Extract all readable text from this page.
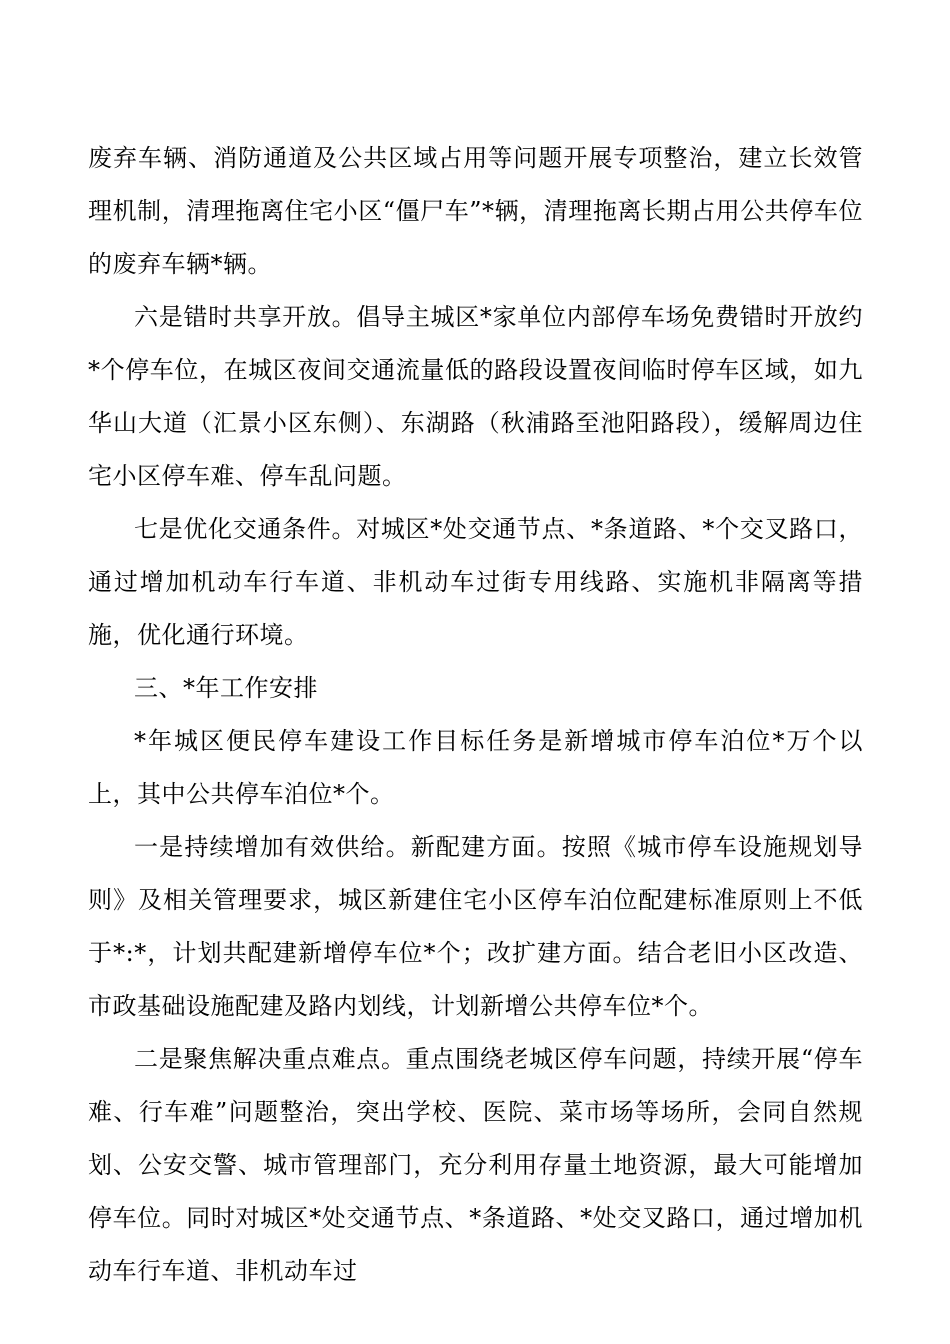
废弃车辆、消防通道及公共区域占用等问题开展专项整治，建立长效管理机制，清理拖离住宅小区“僵尸车”*辆，清理拖离长期占用公共停车位的废弃车辆*辆。

六是错时共享开放。倡导主城区*家单位内部停车场免费错时开放约*个停车位，在城区夜间交通流量低的路段设置夜间临时停车区域，如九华山大道（汇景小区东侧）、东湖路（秋浦路至池阳路段），缓解周边住宅小区停车难、停车乱问题。

七是优化交通条件。对城区*处交通节点、*条道路、*个交叉路口，通过增加机动车行车道、非机动车过街专用线路、实施机非隔离等措施，优化通行环境。

三、*年工作安排

*年城区便民停车建设工作目标任务是新增城市停车泊位*万个以上，其中公共停车泊位*个。

一是持续增加有效供给。新配建方面。按照《城市停车设施规划导则》及相关管理要求，城区新建住宅小区停车泊位配建标准原则上不低于*:*，计划共配建新增停车位*个；改扩建方面。结合老旧小区改造、市政基础设施配建及路内划线，计划新增公共停车位*个。

二是聚焦解决重点难点。重点围绕老城区停车问题，持续开展“停车难、行车难”问题整治，突出学校、医院、菜市场等场所，会同自然规划、公安交警、城市管理部门，充分利用存量土地资源，最大可能增加停车位。同时对城区*处交通节点、*条道路、*处交叉路口，通过增加机动车行车道、非机动车过
